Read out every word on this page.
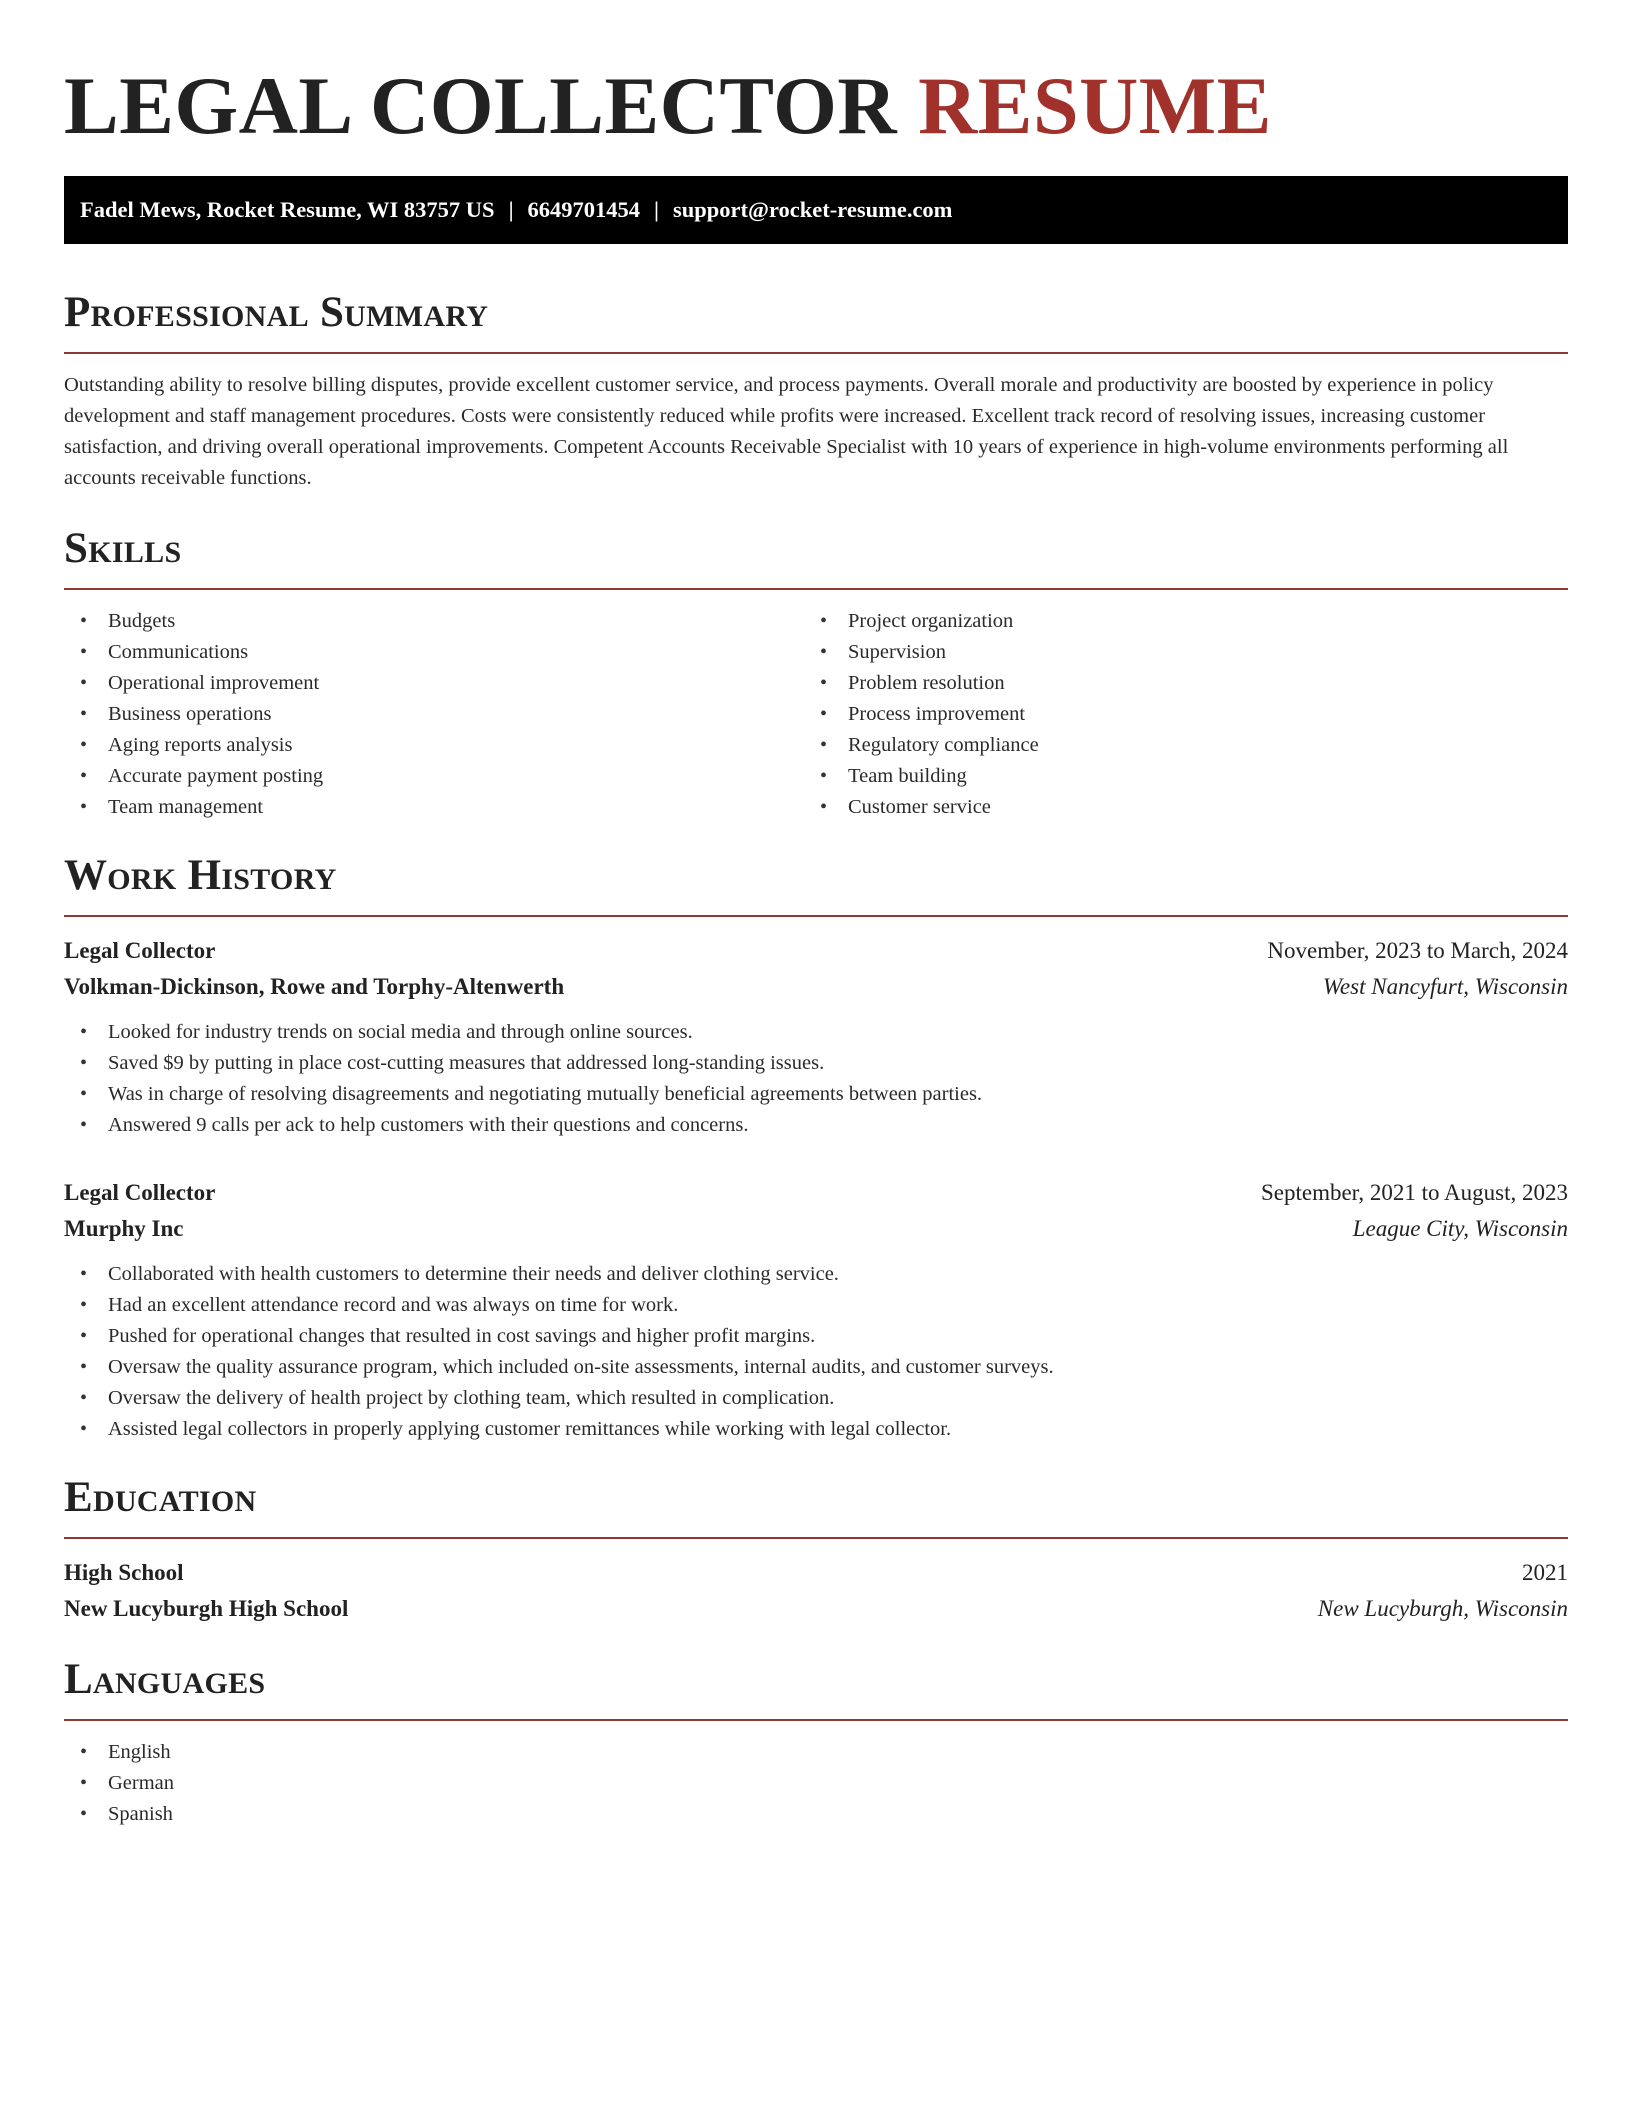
LEGAL COLLECTOR RESUME
Fadel Mews, Rocket Resume, WI 83757 US | 6649701454 | support@rocket-resume.com
Professional Summary

Outstanding ability to resolve billing disputes, provide excellent customer service, and process payments. Overall morale and productivity are boosted by experience in policy development and staff management procedures. Costs were consistently reduced while profits were increased. Excellent track record of resolving issues, increasing customer satisfaction, and driving overall operational improvements. Competent Accounts Receivable Specialist with 10 years of experience in high-volume environments performing all accounts receivable functions.

Skills
• Budgets
• Communications
• Operational improvement
• Business operations
• Aging reports analysis
• Accurate payment posting
• Team management
• Project organization
• Supervision
• Problem resolution
• Process improvement
• Regulatory compliance
• Team building
• Customer service
Work History
Legal Collector	November, 2023 to March, 2024
Volkman-Dickinson, Rowe and Torphy-Altenwerth	West Nancyfurt, Wisconsin
• Looked for industry trends on social media and through online sources.
• Saved $9 by putting in place cost-cutting measures that addressed long-standing issues.
• Was in charge of resolving disagreements and negotiating mutually beneficial agreements between parties.
• Answered 9 calls per ack to help customers with their questions and concerns.
Legal Collector	September, 2021 to August, 2023
Murphy Inc	League City, Wisconsin
• Collaborated with health customers to determine their needs and deliver clothing service.
• Had an excellent attendance record and was always on time for work.
• Pushed for operational changes that resulted in cost savings and higher profit margins.
• Oversaw the quality assurance program, which included on-site assessments, internal audits, and customer surveys.
• Oversaw the delivery of health project by clothing team, which resulted in complication.
• Assisted legal collectors in properly applying customer remittances while working with legal collector.
Education
High School	2021
New Lucyburgh High School	New Lucyburgh, Wisconsin
Languages
• English
• German
• Spanish
